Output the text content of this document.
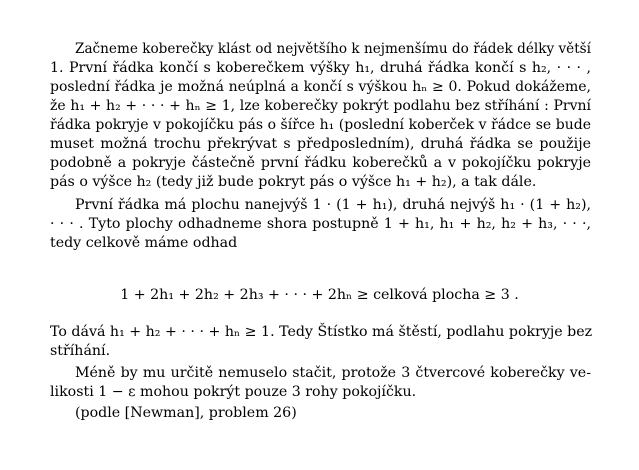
Začneme koberečky klást od největšího k nejmenšímu do řádek délky větší
1. První řádka končí s koberečkem výšky h₁, druhá řádka končí s h₂, · · · ,
poslední řádka je možná neúplná a končí s výškou hₙ ≥ 0. Pokud dokážeme,
že h₁ + h₂ + · · · + hₙ ≥ 1, lze koberečky pokrýt podlahu bez stříhání : První
řádka pokryje v pokojíčku pás o šířce h₁ (poslední koberček v řádce se bude
muset možná trochu překrývat s předposledním), druhá řádka se použije
podobně a pokryje částečně první řádku koberečků a v pokojíčku pokryje
pás o výšce h₂ (tedy již bude pokryt pás o výšce h₁ + h₂), a tak dále.
První řádka má plochu nanejvýš 1 · (1 + h₁), druhá nejvýš h₁ · (1 + h₂),
· · · . Tyto plochy odhadneme shora postupně 1 + h₁, h₁ + h₂, h₂ + h₃, · · ·,
tedy celkově máme odhad
1 + 2h₁ + 2h₂ + 2h₃ + · · · + 2hₙ ≥ celková plocha ≥ 3 .
To dává h₁ + h₂ + · · · + hₙ ≥ 1. Tedy Štístko má štěstí, podlahu pokryje bez
stříhání.
Méně by mu určitě nemuselo stačit, protože 3 čtvercové koberečky ve-
likosti 1 − ε mohou pokrýt pouze 3 rohy pokojíčku.
(podle [Newman], problem 26)
